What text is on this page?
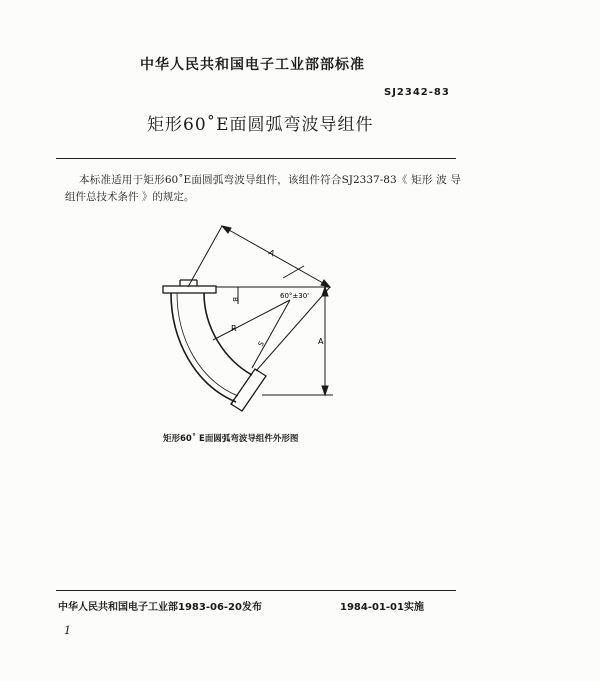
中华人民共和国电子工业部部标准
SJ2342-83
矩形60˚E面圆弧弯波导组件
本标准适用于矩形60˚E面圆弧弯波导组件，该组件符合SJ2337-83《 矩形 波 导 组件总技术条件 》的规定。
A
A
B
R
S
60°±30'
矩形60˚ E面圆弧弯波导组件外形图
中华人民共和国电子工业部1983-06-20发布	1984-01-01实施
1
